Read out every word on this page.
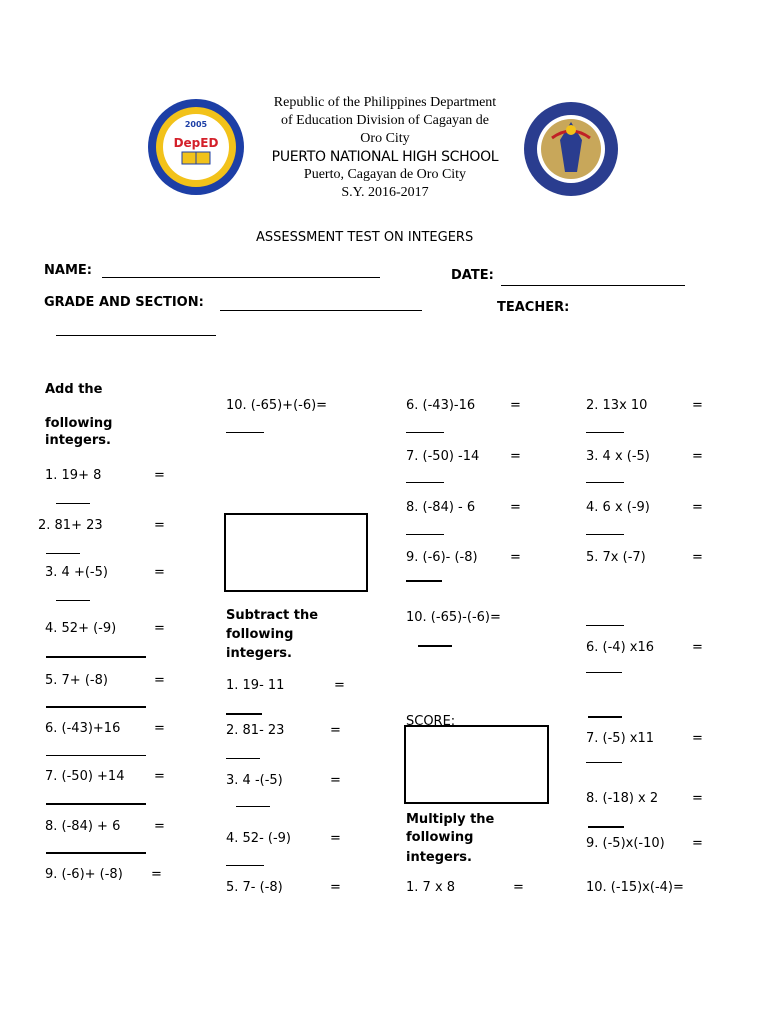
2005
DepED
Republic of the Philippines Department
of Education Division of Cagayan de
Oro City
PUERTO NATIONAL HIGH SCHOOL
Puerto, Cagayan de Oro City
S.Y. 2016-2017
ASSESSMENT TEST ON INTEGERS
NAME:	DATE:
GRADE AND SECTION:	TEACHER:
Add the
following
integers.
1. 19+ 8	=
2. 81+ 23	=
3. 4 +(-5)	=
4. 52+ (-9)	=
5. 7+ (-8)	=
6. (-43)+16	=
7. (-50) +14 =
8. (-84) + 6	=
9. (-6)+ (-8) =
10. (-65)+(-6)=
Subtract the
following
integers.
1. 19- 11	=
2. 81- 23	=
3. 4 -(-5)	=
4. 52- (-9)	=
5. 7- (-8)	=
6. (-43)-16	=
7. (-50) -14 =
8. (-84) - 6	=
9. (-6)- (-8) =
10. (-65)-(-6)=
SCORE:
Multiply the
following
integers.
1. 7 x 8	=
2. 13x 10	=
3. 4 x (-5)	=
4. 6 x (-9)	=
5. 7x (-7)	=
6. (-4) x16	=
7. (-5) x11	=
8. (-18) x 2	=
9. (-5)x(-10) =
10. (-15)x(-4)=
